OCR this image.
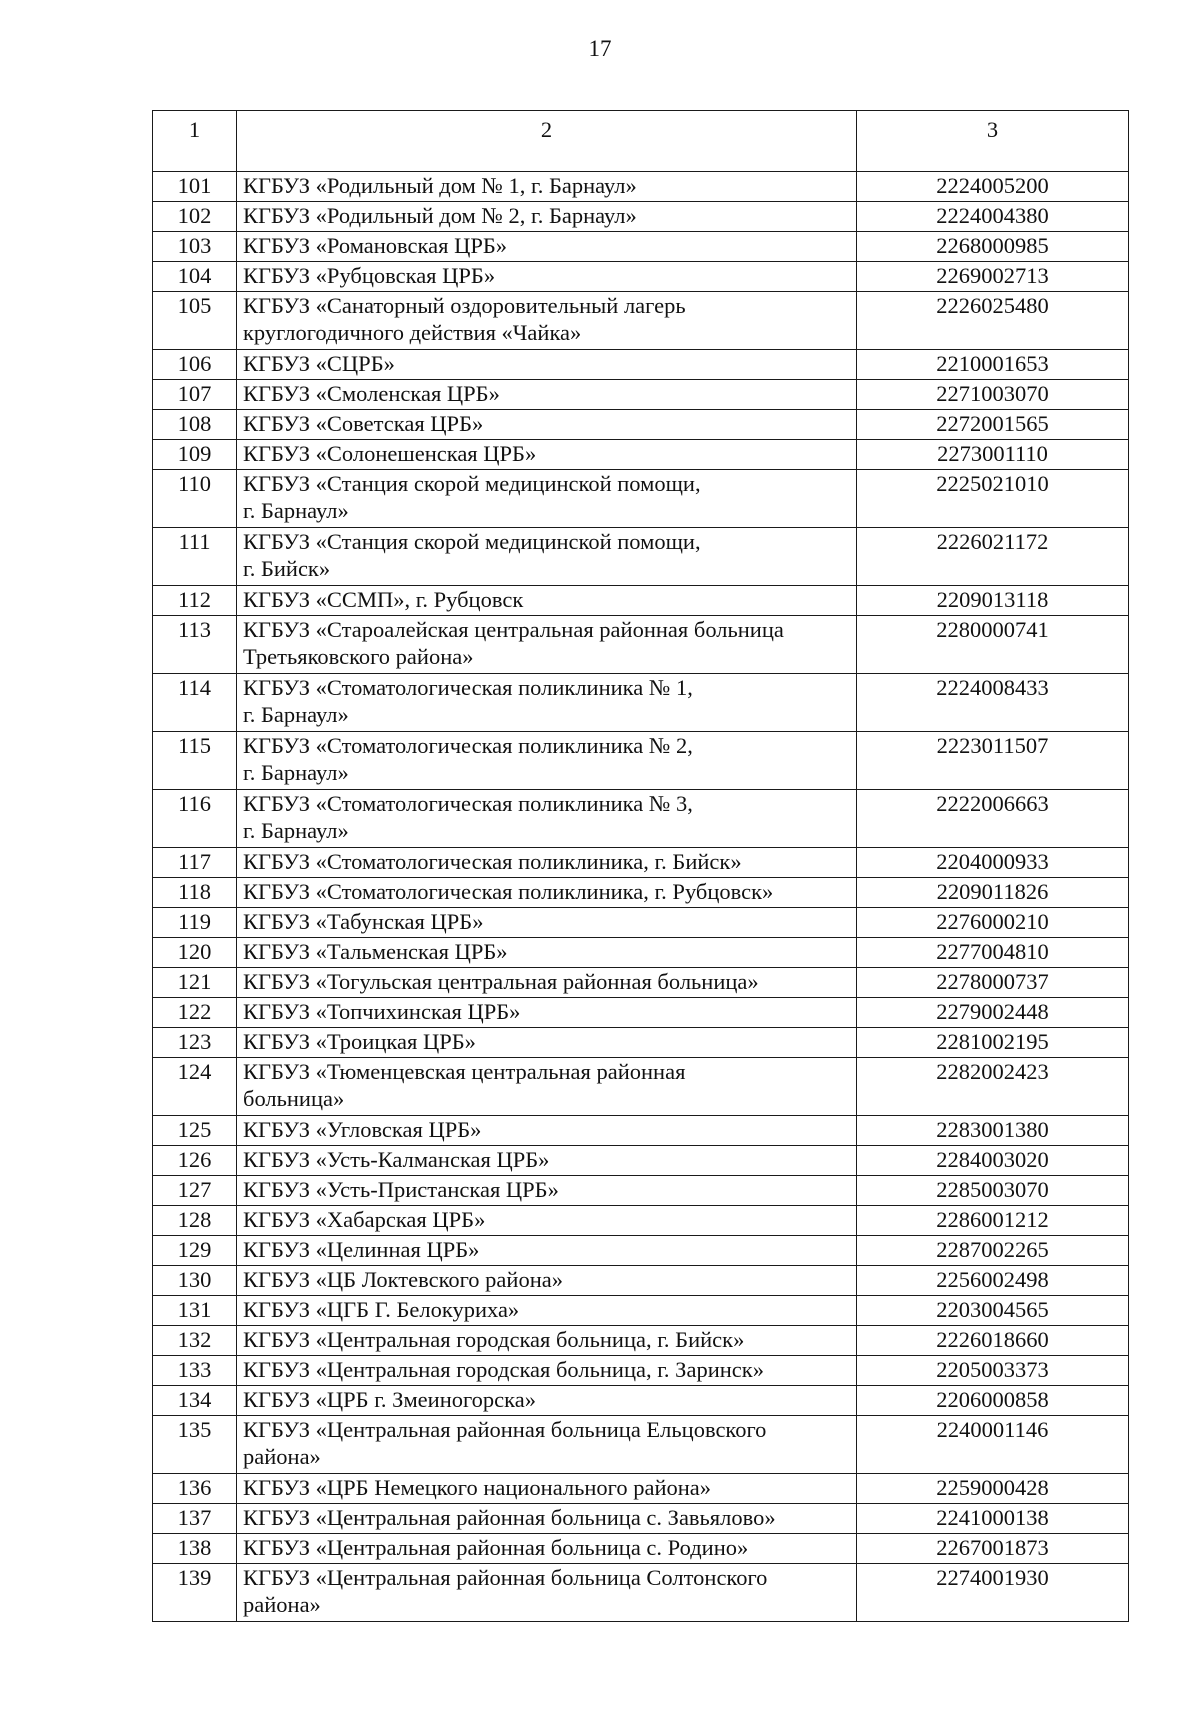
17
1	2	3
101	КГБУЗ «Родильный дом № 1, г. Барнаул»	2224005200
102	КГБУЗ «Родильный дом № 2, г. Барнаул»	2224004380
103	КГБУЗ «Романовская ЦРБ»	2268000985
104	КГБУЗ «Рубцовская ЦРБ»	2269002713
105	КГБУЗ «Санаторный оздоровительный лагерь
круглогодичного действия «Чайка»	2226025480
106	КГБУЗ «СЦРБ»	2210001653
107	КГБУЗ «Смоленская ЦРБ»	2271003070
108	КГБУЗ «Советская ЦРБ»	2272001565
109	КГБУЗ «Солонешенская ЦРБ»	2273001110
110	КГБУЗ «Станция скорой медицинской помощи,
г. Барнаул»	2225021010
111	КГБУЗ «Станция скорой медицинской помощи,
г. Бийск»	2226021172
112	КГБУЗ «ССМП», г. Рубцовск	2209013118
113	КГБУЗ «Староалейская центральная районная больница
Третьяковского района»	2280000741
114	КГБУЗ «Стоматологическая поликлиника № 1,
г. Барнаул»	2224008433
115	КГБУЗ «Стоматологическая поликлиника № 2,
г. Барнаул»	2223011507
116	КГБУЗ «Стоматологическая поликлиника № 3,
г. Барнаул»	2222006663
117	КГБУЗ «Стоматологическая поликлиника, г. Бийск»	2204000933
118	КГБУЗ «Стоматологическая поликлиника, г. Рубцовск»	2209011826
119	КГБУЗ «Табунская ЦРБ»	2276000210
120	КГБУЗ «Тальменская ЦРБ»	2277004810
121	КГБУЗ «Тогульская центральная районная больница»	2278000737
122	КГБУЗ «Топчихинская ЦРБ»	2279002448
123	КГБУЗ «Троицкая ЦРБ»	2281002195
124	КГБУЗ «Тюменцевская центральная районная
больница»	2282002423
125	КГБУЗ «Угловская ЦРБ»	2283001380
126	КГБУЗ «Усть-Калманская ЦРБ»	2284003020
127	КГБУЗ «Усть-Пристанская ЦРБ»	2285003070
128	КГБУЗ «Хабарская ЦРБ»	2286001212
129	КГБУЗ «Целинная ЦРБ»	2287002265
130	КГБУЗ «ЦБ Локтевского района»	2256002498
131	КГБУЗ «ЦГБ Г. Белокуриха»	2203004565
132	КГБУЗ «Центральная городская больница, г. Бийск»	2226018660
133	КГБУЗ «Центральная городская больница, г. Заринск»	2205003373
134	КГБУЗ «ЦРБ г. Змеиногорска»	2206000858
135	КГБУЗ «Центральная районная больница Ельцовского
района»	2240001146
136	КГБУЗ «ЦРБ Немецкого национального района»	2259000428
137	КГБУЗ «Центральная районная больница с. Завьялово»	2241000138
138	КГБУЗ «Центральная районная больница с. Родино»	2267001873
139	КГБУЗ «Центральная районная больница Солтонского
района»	2274001930
